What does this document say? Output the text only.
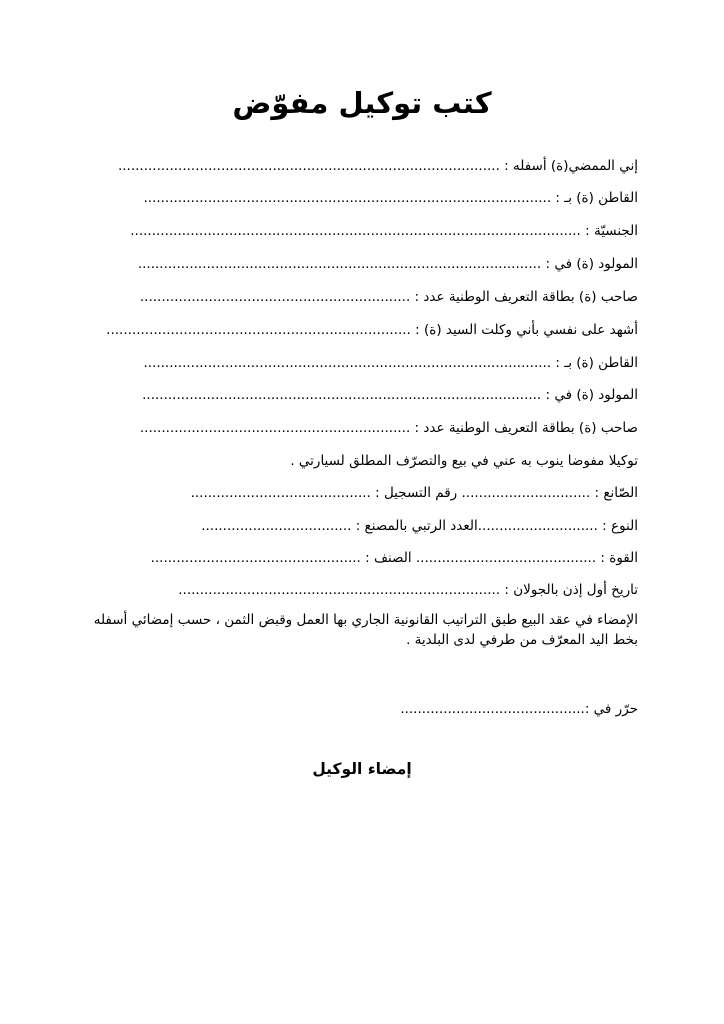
كتب توكيل مفوّض
إني الممضي(ة) أسفله : .........................................................................................
القاطن (ة) بـ : ...............................................................................................
الجنسيّة : .........................................................................................................
المولود (ة) في : ..............................................................................................
صاحب (ة) بطاقة التعريف الوطنية عدد : ...............................................................
أشهد على نفسي بأني وكلت السيد (ة) : .......................................................................
القاطن (ة) بـ : ...............................................................................................
المولود (ة) في : .............................................................................................
صاحب (ة) بطاقة التعريف الوطنية عدد : ...............................................................
توكيلا مفوضا ينوب به عني في بيع والتصرّف المطلق لسيارتي .
الصّانع : .............................. رقم التسجيل : ..........................................
النوع : ............................العدد الرتبي بالمصنع : ...................................
القوة : .......................................... الصنف : .................................................
تاريخ أول إذن بالجولان : ...........................................................................
الإمضاء في عقد البيع طبق التراتيب القانونية الجاري بها العمل وقبض الثمن ، حسب إمضائي أسفله بخط اليد المعرّف من طرفي لدى البلدية .
حرّر في :...........................................
إمضاء الوكيل
